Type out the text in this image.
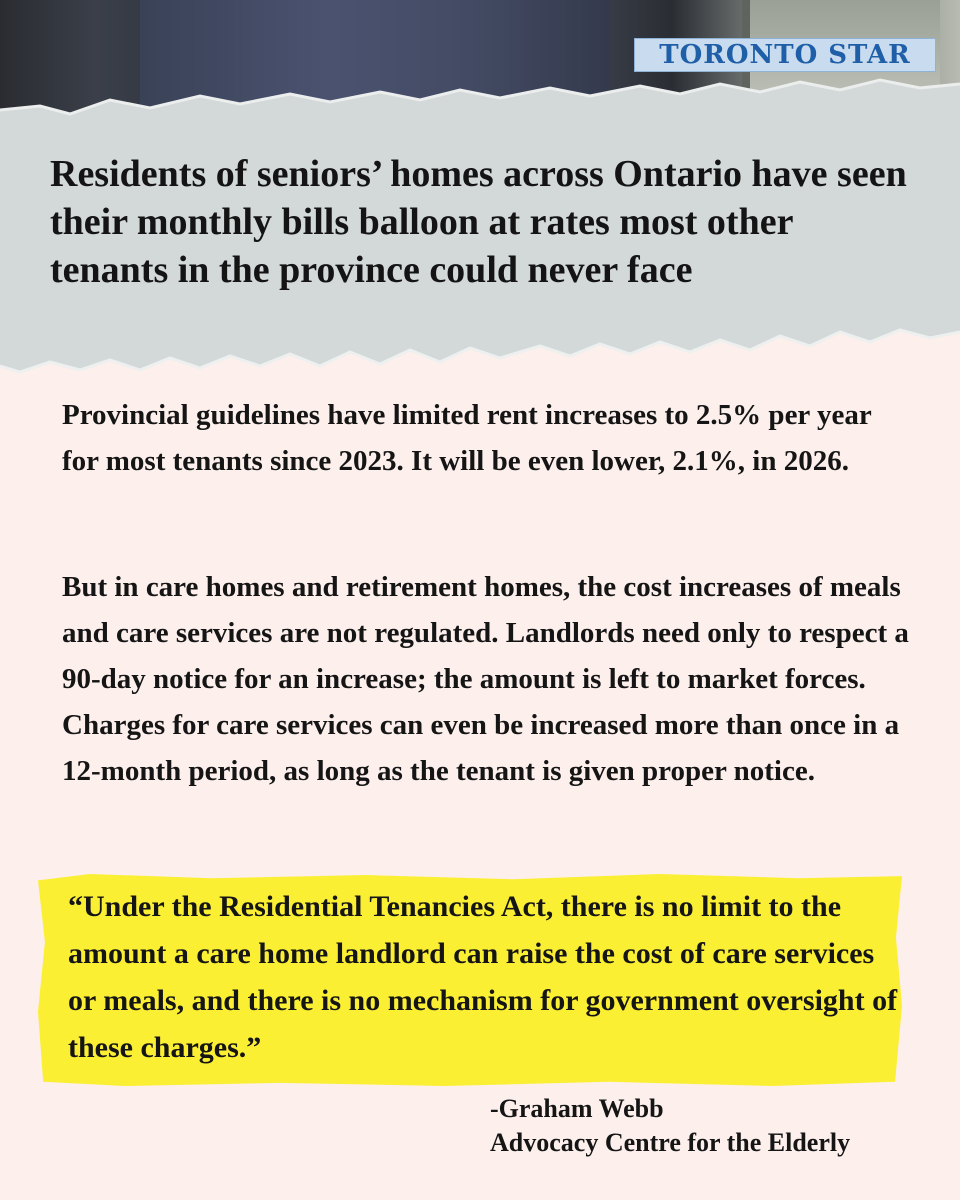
TORONTO STAR

Residents of seniors’ homes across Ontario have seen their monthly bills balloon at rates most other tenants in the province could never face

Provincial guidelines have limited rent increases to 2.5% per year for most tenants since 2023. It will be even lower, 2.1%, in 2026.

But in care homes and retirement homes, the cost increases of meals and care services are not regulated. Landlords need only to respect a 90-day notice for an increase; the amount is left to market forces. Charges for care services can even be increased more than once in a 12-month period, as long as the tenant is given proper notice.

“Under the Residential Tenancies Act, there is no limit to the amount a care home landlord can raise the cost of care services or meals, and there is no mechanism for government oversight of these charges.”

-Graham Webb
Advocacy Centre for the Elderly
